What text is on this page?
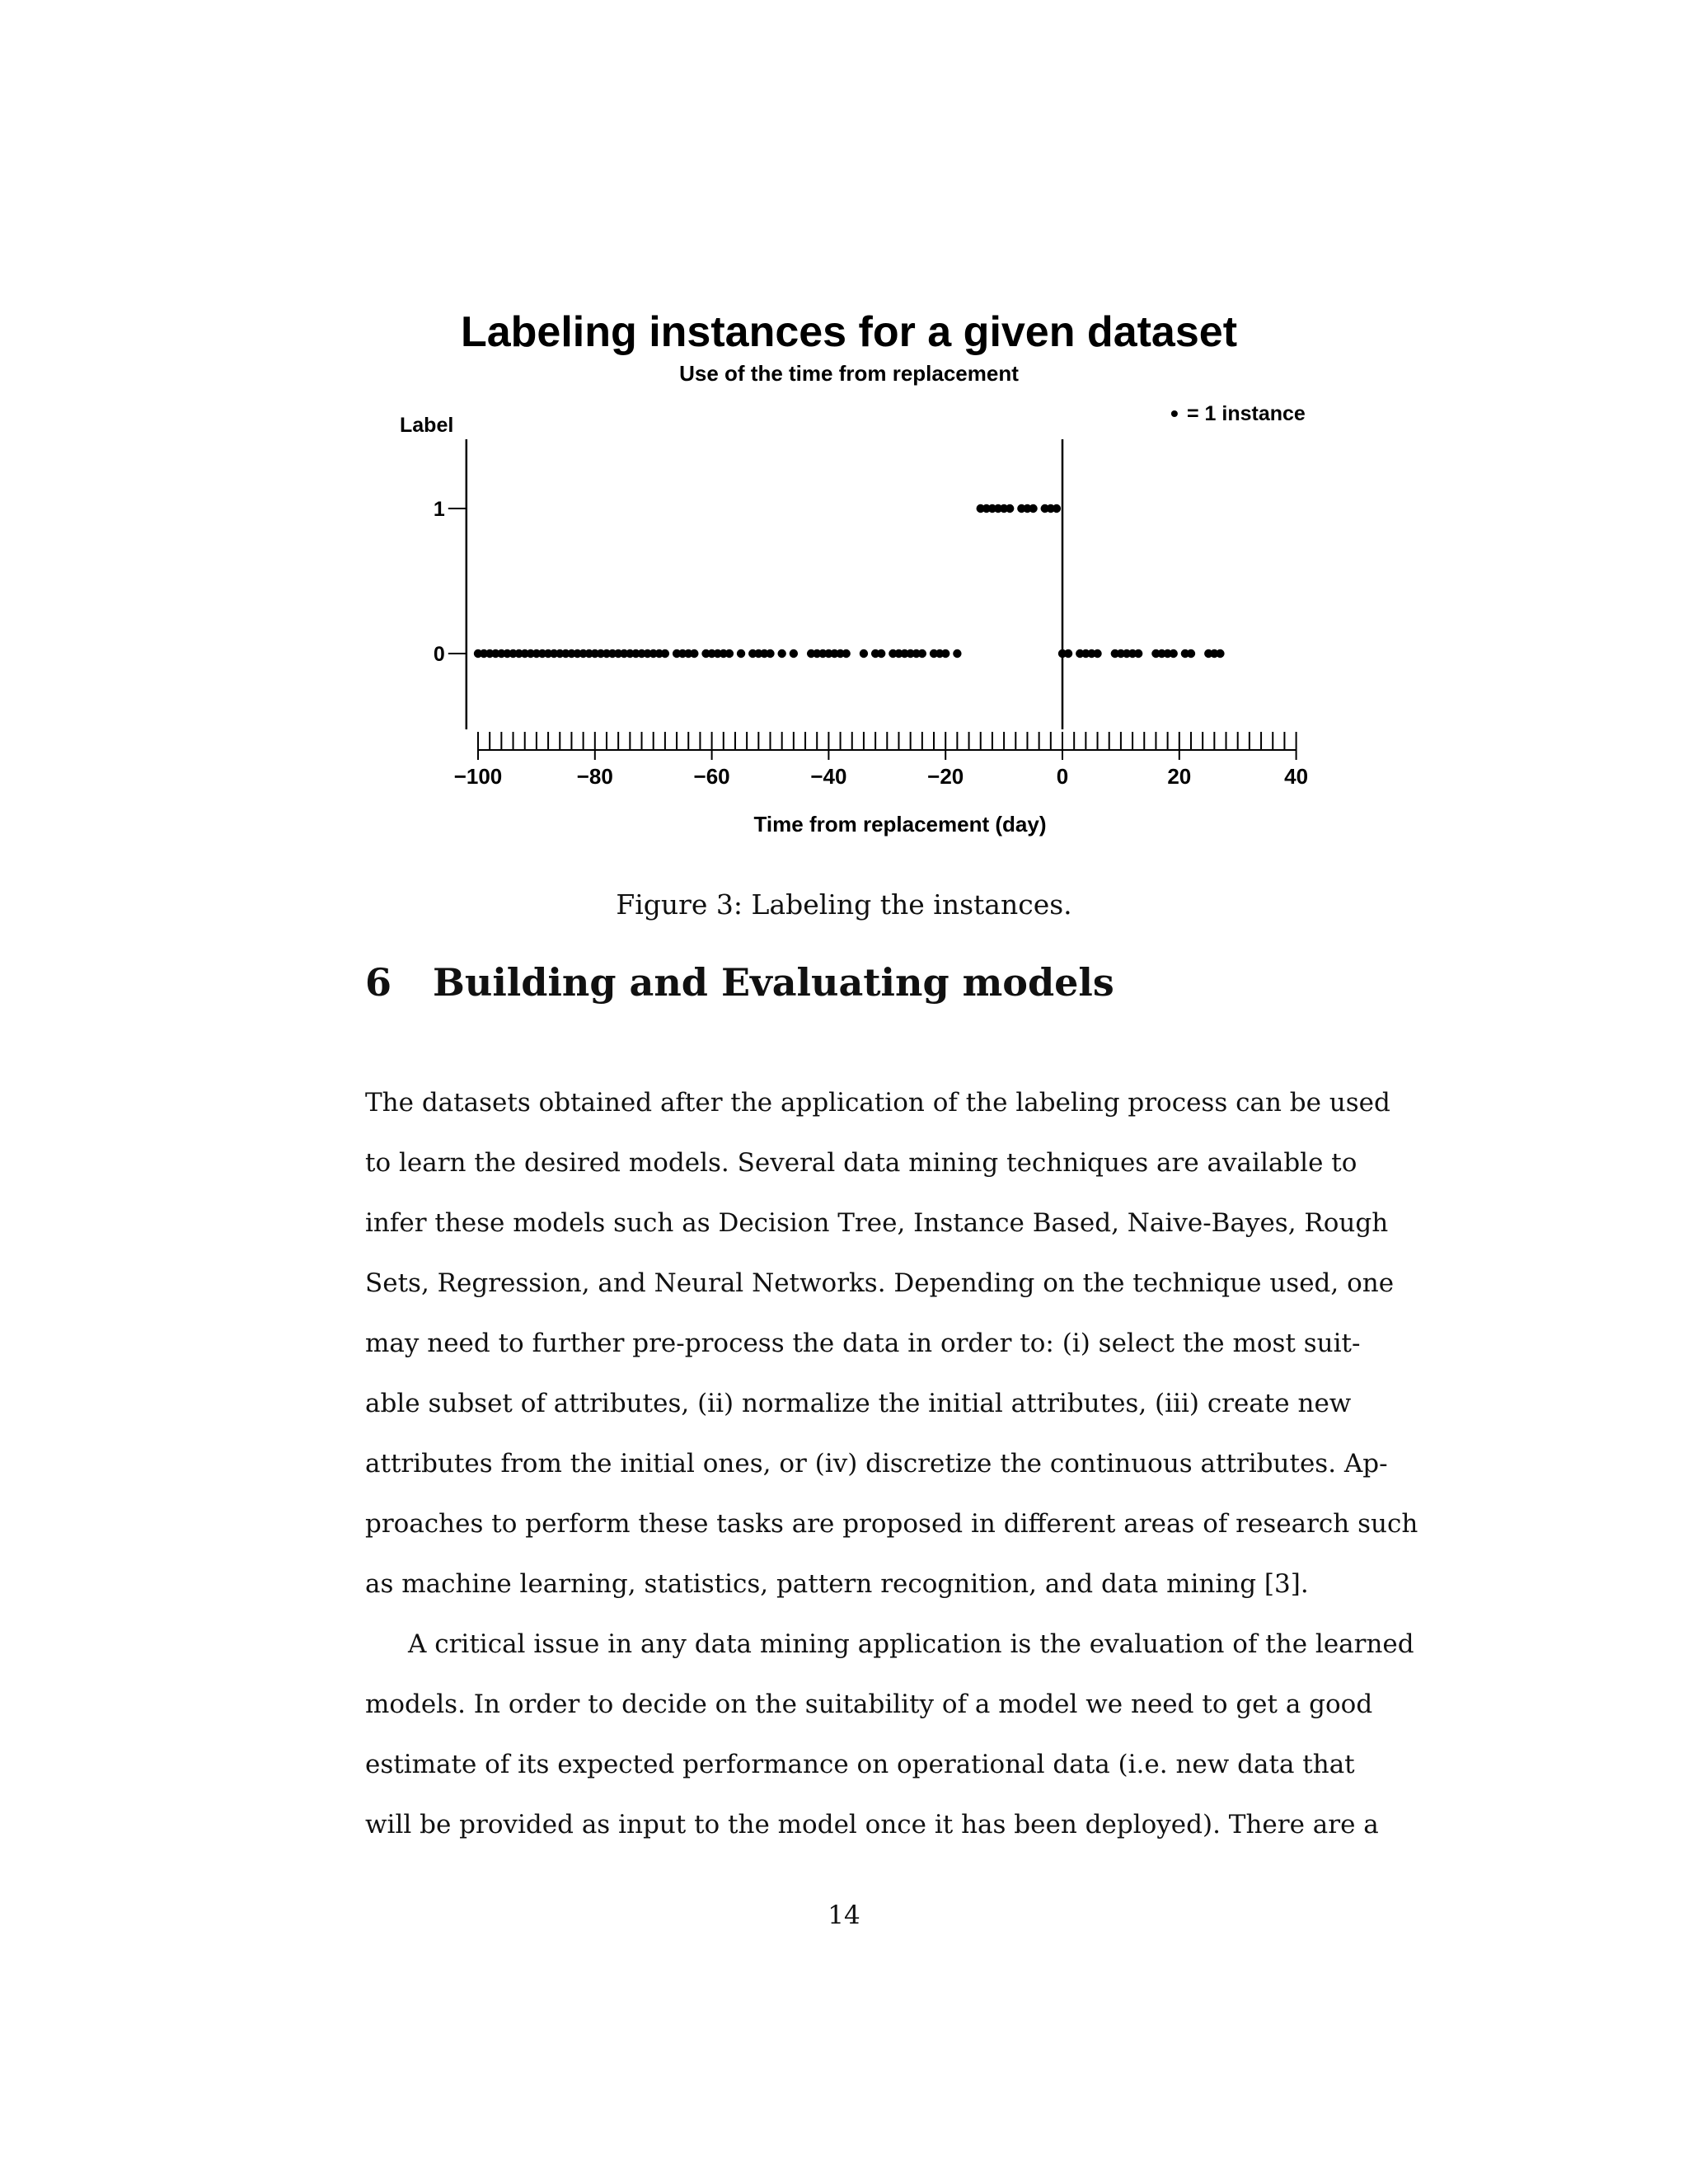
Labeling instances for a given dataset
Use of the time from replacement
Label	• = 1 instance
0
1
−100	−80	−60	−40	−20	0	20	40
Time from replacement (day)
Figure 3: Labeling the instances.
6 Building and Evaluating models
The datasets obtained after the application of the labeling process can be used
to learn the desired models. Several data mining techniques are available to
infer these models such as Decision Tree, Instance Based, Naive-Bayes, Rough
Sets, Regression, and Neural Networks. Depending on the technique used, one
may need to further pre-process the data in order to: (i) select the most suit-
able subset of attributes, (ii) normalize the initial attributes, (iii) create new
attributes from the initial ones, or (iv) discretize the continuous attributes. Ap-
proaches to perform these tasks are proposed in different areas of research such
as machine learning, statistics, pattern recognition, and data mining [3].
A critical issue in any data mining application is the evaluation of the learned
models. In order to decide on the suitability of a model we need to get a good
estimate of its expected performance on operational data (i.e. new data that
will be provided as input to the model once it has been deployed). There are a
14
